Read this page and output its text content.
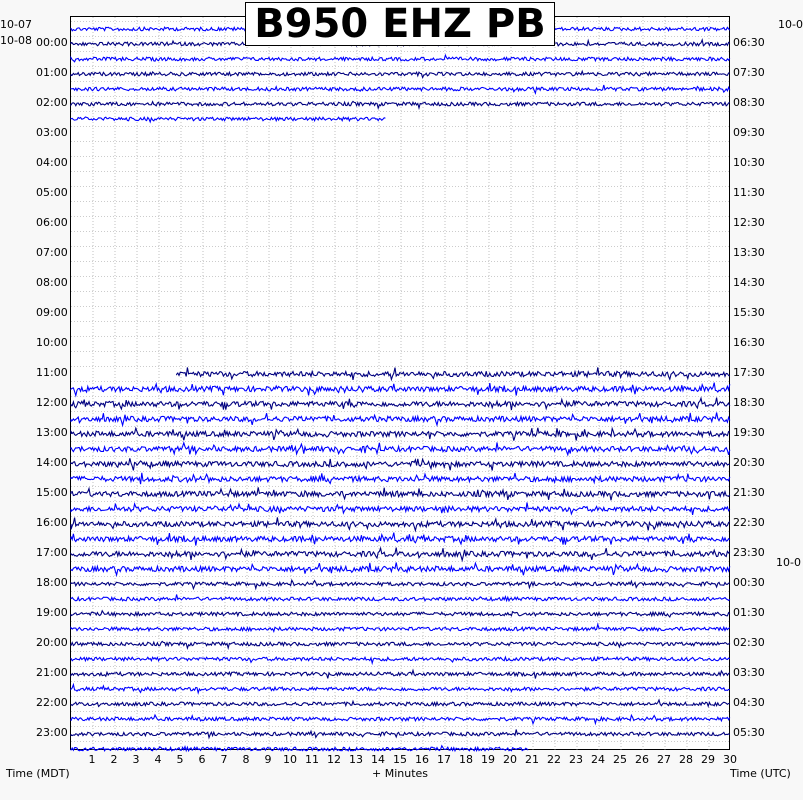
B950 EHZ PB
10-07
10-08
10-0
10-0
00:00
01:00
02:00
03:00
04:00
05:00
06:00
07:00
08:00
09:00
10:00
11:00
12:00
13:00
14:00
15:00
16:00
17:00
18:00
19:00
20:00
21:00
22:00
23:00
06:30
07:30
08:30
09:30
10:30
11:30
12:30
13:30
14:30
15:30
16:30
17:30
18:30
19:30
20:30
21:30
22:30
23:30
00:30
01:30
02:30
03:30
04:30
05:30
1 2 3 4 5 6 7 8 9 10 11 12 13 14 15 16 17 18 19 20 21 22 23 24 25 26 27 28 29 30
Time (MDT)	+ Minutes	Time (UTC)
